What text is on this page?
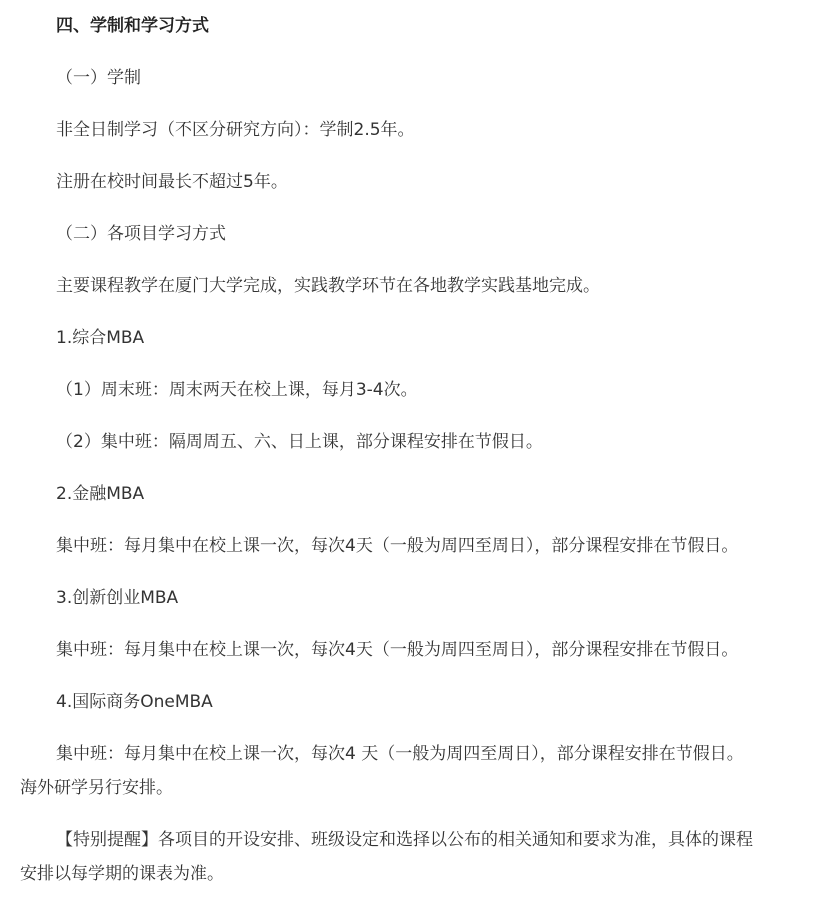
四、学制和学习方式

（一）学制

非全日制学习（不区分研究方向）：学制2.5年。

注册在校时间最长不超过5年。

（二）各项目学习方式

主要课程教学在厦门大学完成，实践教学环节在各地教学实践基地完成。

1.综合MBA

（1）周末班：周末两天在校上课，每月3-4次。

（2）集中班：隔周周五、六、日上课，部分课程安排在节假日。

2.金融MBA

集中班：每月集中在校上课一次，每次4天（一般为周四至周日），部分课程安排在节假日。

3.创新创业MBA

集中班：每月集中在校上课一次，每次4天（一般为周四至周日），部分课程安排在节假日。

4.国际商务OneMBA

集中班：每月集中在校上课一次，每次4 天（一般为周四至周日），部分课程安排在节假日。

海外研学另行安排。

【特别提醒】各项目的开设安排、班级设定和选择以公布的相关通知和要求为准，具体的课程

安排以每学期的课表为准。
